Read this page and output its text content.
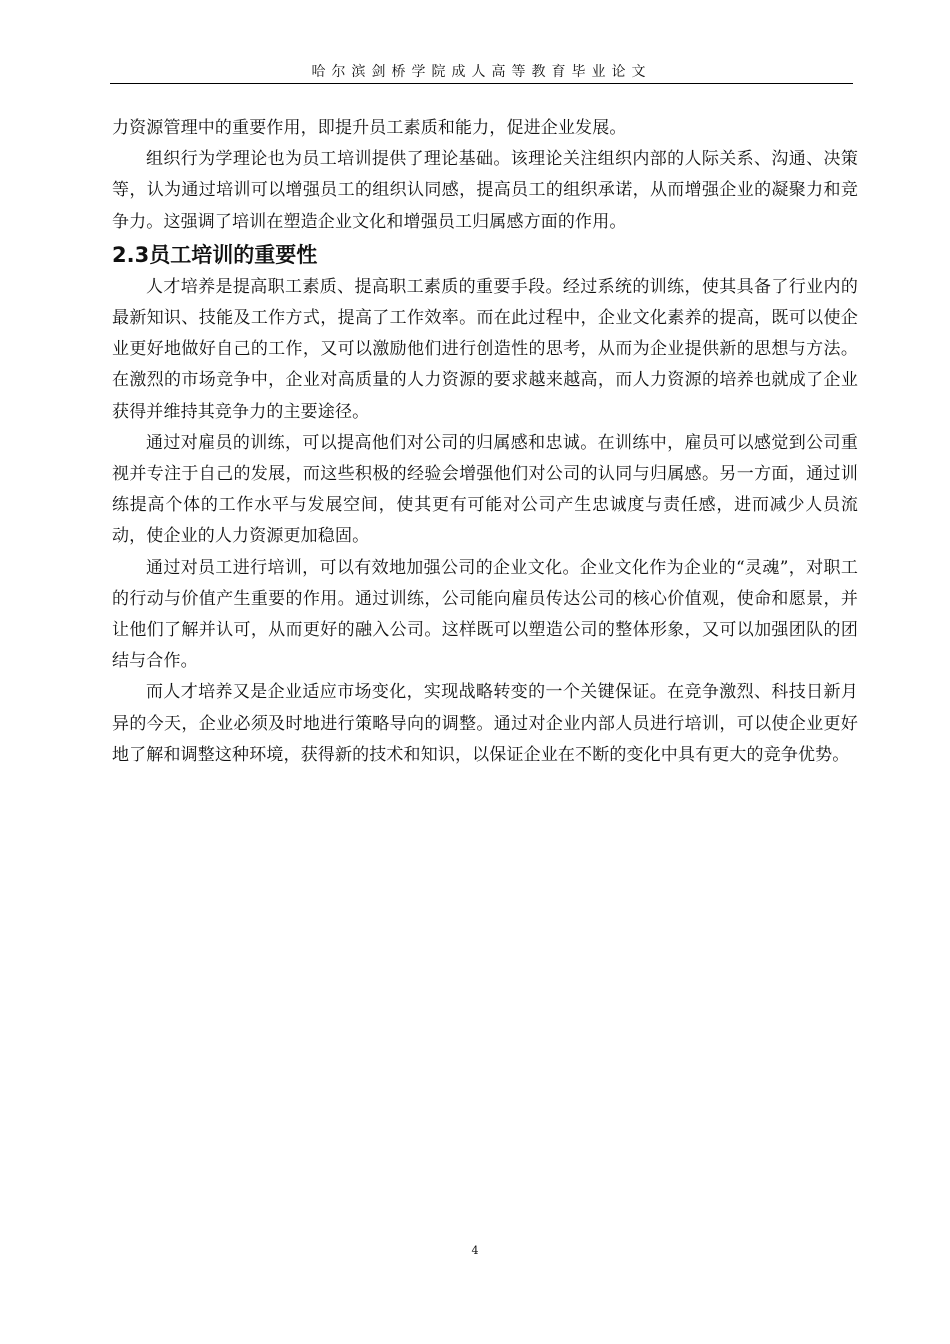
哈尔滨剑桥学院成人高等教育毕业论文

力资源管理中的重要作用，即提升员工素质和能力，促进企业发展。

组织行为学理论也为员工培训提供了理论基础。该理论关注组织内部的人际关系、沟通、决策等，认为通过培训可以增强员工的组织认同感，提高员工的组织承诺，从而增强企业的凝聚力和竞争力。这强调了培训在塑造企业文化和增强员工归属感方面的作用。

2.3员工培训的重要性

人才培养是提高职工素质、提高职工素质的重要手段。经过系统的训练，使其具备了行业内的最新知识、技能及工作方式，提高了工作效率。而在此过程中，企业文化素养的提高，既可以使企业更好地做好自己的工作，又可以激励他们进行创造性的思考，从而为企业提供新的思想与方法。在激烈的市场竞争中，企业对高质量的人力资源的要求越来越高，而人力资源的培养也就成了企业获得并维持其竞争力的主要途径。

通过对雇员的训练，可以提高他们对公司的归属感和忠诚。在训练中，雇员可以感觉到公司重视并专注于自己的发展，而这些积极的经验会增强他们对公司的认同与归属感。另一方面，通过训练提高个体的工作水平与发展空间，使其更有可能对公司产生忠诚度与责任感，进而减少人员流动，使企业的人力资源更加稳固。

通过对员工进行培训，可以有效地加强公司的企业文化。企业文化作为企业的“灵魂”，对职工的行动与价值产生重要的作用。通过训练，公司能向雇员传达公司的核心价值观，使命和愿景，并让他们了解并认可，从而更好的融入公司。这样既可以塑造公司的整体形象，又可以加强团队的团结与合作。

而人才培养又是企业适应市场变化，实现战略转变的一个关键保证。在竞争激烈、科技日新月异的今天，企业必须及时地进行策略导向的调整。通过对企业内部人员进行培训，可以使企业更好地了解和调整这种环境，获得新的技术和知识，以保证企业在不断的变化中具有更大的竞争优势。

4
